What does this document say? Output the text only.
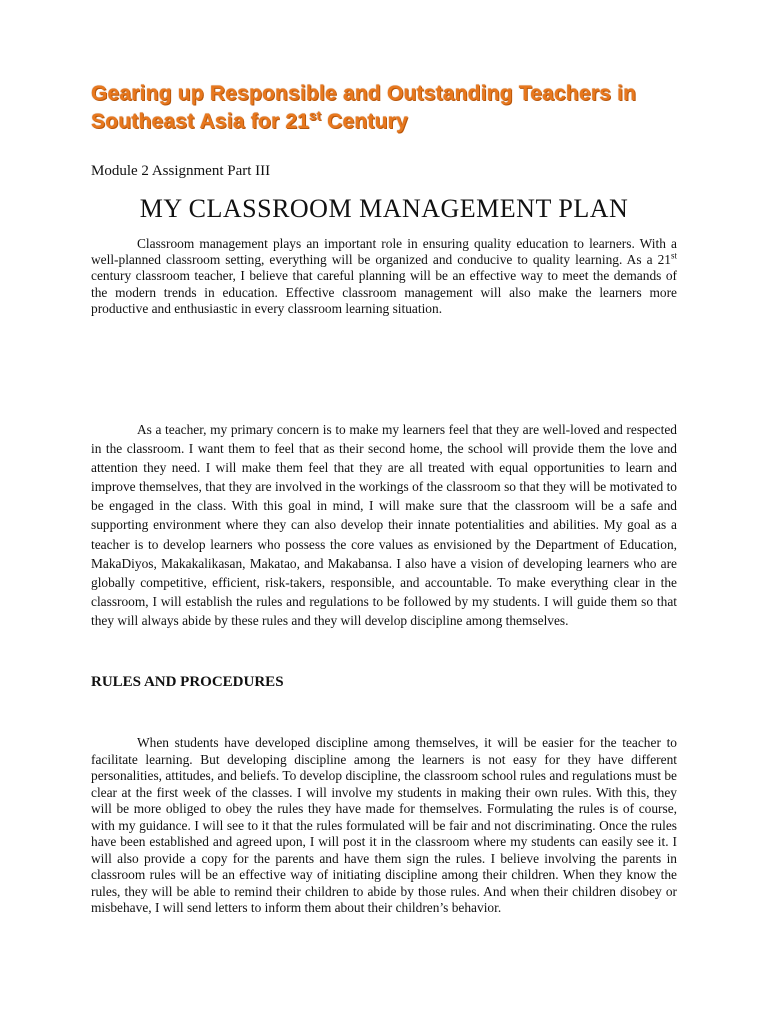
Gearing up Responsible and Outstanding Teachers in
Southeast Asia for 21st Century
Module 2 Assignment Part III
MY CLASSROOM MANAGEMENT PLAN

Classroom management plays an important role in ensuring quality education to learners. With a well-planned classroom setting, everything will be organized and conducive to quality learning. As a 21st century classroom teacher, I believe that careful planning will be an effective way to meet the demands of the modern trends in education. Effective classroom management will also make the learners more productive and enthusiastic in every classroom learning situation.

As a teacher, my primary concern is to make my learners feel that they are well-loved and respected in the classroom. I want them to feel that as their second home, the school will provide them the love and attention they need. I will make them feel that they are all treated with equal opportunities to learn and improve themselves, that they are involved in the workings of the classroom so that they will be motivated to be engaged in the class. With this goal in mind, I will make sure that the classroom will be a safe and supporting environment where they can also develop their innate potentialities and abilities. My goal as a teacher is to develop learners who possess the core values as envisioned by the Department of Education, MakaDiyos, Makakalikasan, Makatao, and Makabansa. I also have a vision of developing learners who are globally competitive, efficient, risk-takers, responsible, and accountable. To make everything clear in the classroom, I will establish the rules and regulations to be followed by my students. I will guide them so that they will always abide by these rules and they will develop discipline among themselves.

RULES AND PROCEDURES

When students have developed discipline among themselves, it will be easier for the teacher to facilitate learning. But developing discipline among the learners is not easy for they have different personalities, attitudes, and beliefs. To develop discipline, the classroom school rules and regulations must be clear at the first week of the classes. I will involve my students in making their own rules. With this, they will be more obliged to obey the rules they have made for themselves. Formulating the rules is of course, with my guidance. I will see to it that the rules formulated will be fair and not discriminating. Once the rules have been established and agreed upon, I will post it in the classroom where my students can easily see it. I will also provide a copy for the parents and have them sign the rules. I believe involving the parents in classroom rules will be an effective way of initiating discipline among their children. When they know the rules, they will be able to remind their children to abide by those rules. And when their children disobey or misbehave, I will send letters to inform them about their children’s behavior.
